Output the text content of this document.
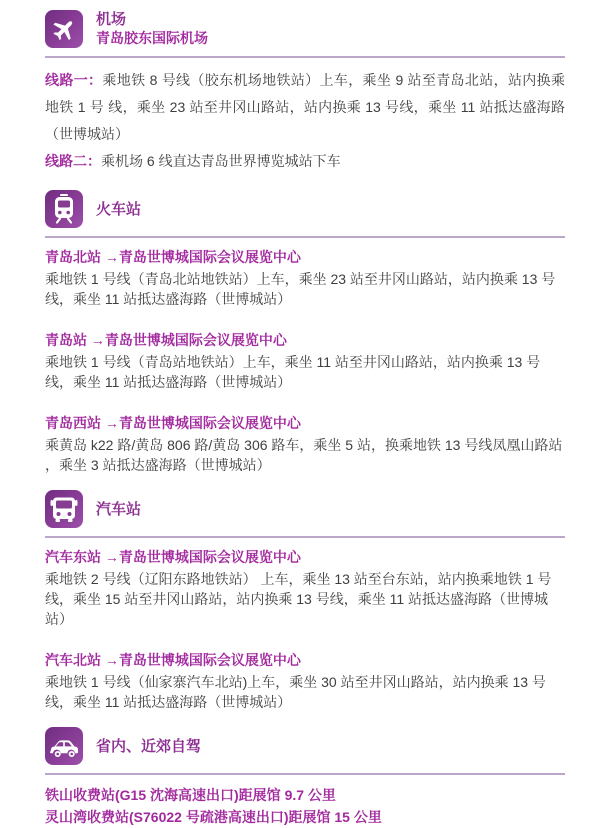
机场
青岛胶东国际机场

线路一：乘地铁 8 号线（胶东机场地铁站）上车，乘坐 9 站至青岛北站，站内换乘地铁 1 号 线，乘坐 23 站至井冈山路站，站内换乘 13 号线，乘坐 11 站抵达盛海路（世博城站）

线路二：乘机场 6 线直达青岛世界博览城站下车

火车站
青岛北站 →青岛世博城国际会议展览中心
乘地铁 1 号线（青岛北站地铁站）上车，乘坐 23 站至井冈山路站，站内换乘 13 号线，乘坐 11 站抵达盛海路（世博城站）
青岛站 →青岛世博城国际会议展览中心
乘地铁 1 号线（青岛站地铁站）上车，乘坐 11 站至井冈山路站，站内换乘 13 号线，乘坐 11 站抵达盛海路（世博城站）
青岛西站 →青岛世博城国际会议展览中心
乘黄岛 k22 路/黄岛 806 路/黄岛 306 路车，乘坐 5 站，换乘地铁 13 号线凤凰山路站 ，乘坐 3 站抵达盛海路（世博城站）
汽车站
汽车东站 →青岛世博城国际会议展览中心
乘地铁 2 号线（辽阳东路地铁站） 上车，乘坐 13 站至台东站，站内换乘地铁 1 号线，乘坐 15 站至井冈山路站，站内换乘 13 号线，乘坐 11 站抵达盛海路（世博城站）
汽车北站 →青岛世博城国际会议展览中心
乘地铁 1 号线（仙家寨汽车北站)上车，乘坐 30 站至井冈山路站，站内换乘 13 号线，乘坐 11 站抵达盛海路（世博城站）
省内、近郊自驾
铁山收费站(G15 沈海高速出口)距展馆 9.7 公里
灵山湾收费站(S76022 号疏港高速出口)距展馆 15 公里
